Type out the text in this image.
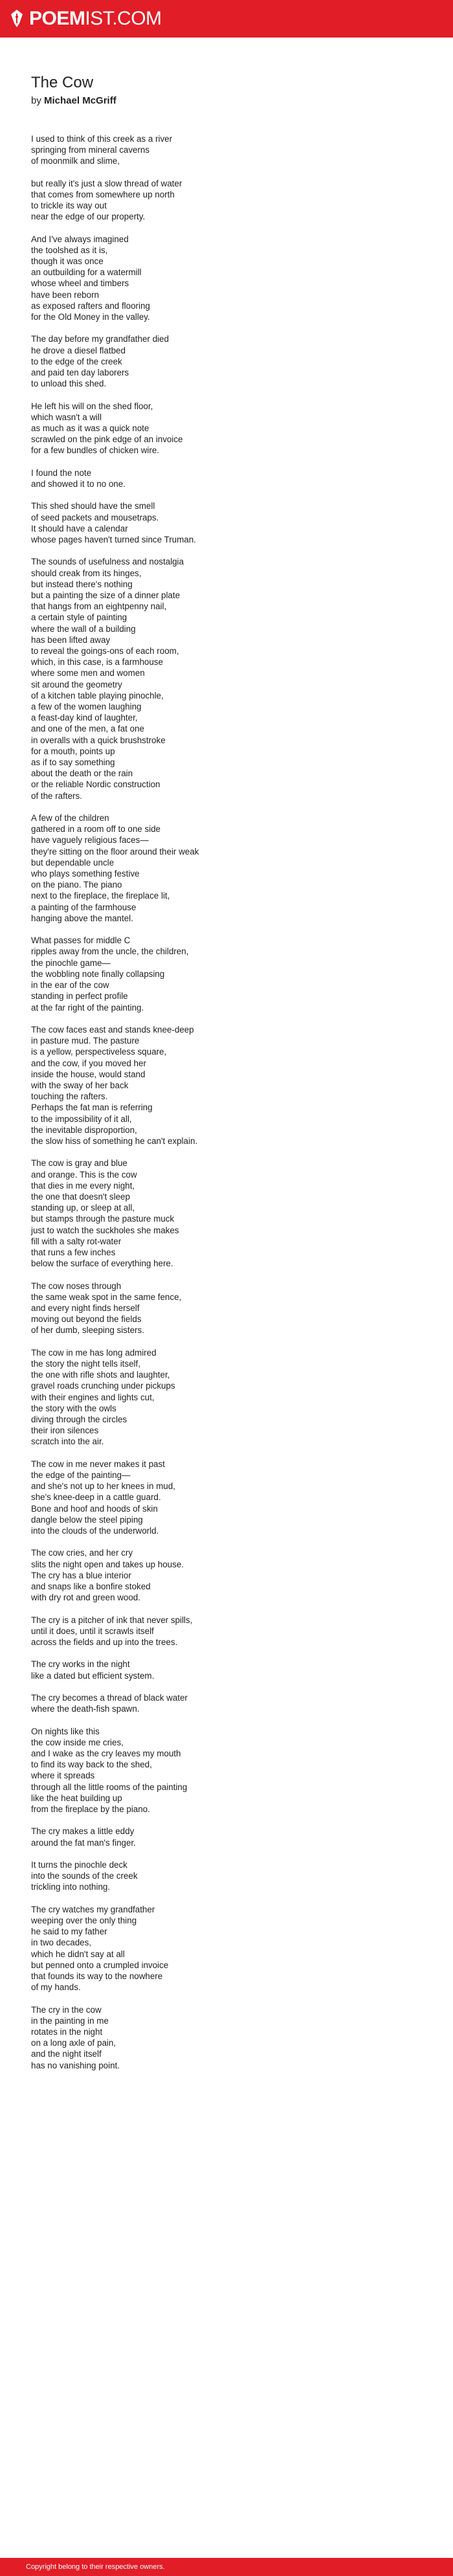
POEMIST.COM
The Cow
by Michael McGriff

I used to think of this creek as a river
springing from mineral caverns
of moonmilk and slime,

but really it's just a slow thread of water
that comes from somewhere up north
to trickle its way out
near the edge of our property.

And I've always imagined
the toolshed as it is,
though it was once
an outbuilding for a watermill
whose wheel and timbers
have been reborn
as exposed rafters and flooring
for the Old Money in the valley.

The day before my grandfather died
he drove a diesel flatbed
to the edge of the creek
and paid ten day laborers
to unload this shed.

He left his will on the shed floor,
which wasn't a will
as much as it was a quick note
scrawled on the pink edge of an invoice
for a few bundles of chicken wire.

I found the note
and showed it to no one.

This shed should have the smell
of seed packets and mousetraps.
It should have a calendar
whose pages haven't turned since Truman.

The sounds of usefulness and nostalgia
should creak from its hinges,
but instead there's nothing
but a painting the size of a dinner plate
that hangs from an eightpenny nail,
a certain style of painting
where the wall of a building
has been lifted away
to reveal the goings-ons of each room,
which, in this case, is a farmhouse
where some men and women
sit around the geometry
of a kitchen table playing pinochle,
a few of the women laughing
a feast-day kind of laughter,
and one of the men, a fat one
in overalls with a quick brushstroke
for a mouth, points up
as if to say something
about the death or the rain
or the reliable Nordic construction
of the rafters.

A few of the children
gathered in a room off to one side
have vaguely religious faces—
they're sitting on the floor around their weak
but dependable uncle
who plays something festive
on the piano. The piano
next to the fireplace, the fireplace lit,
a painting of the farmhouse
hanging above the mantel.

What passes for middle C
ripples away from the uncle, the children,
the pinochle game—
the wobbling note finally collapsing
in the ear of the cow
standing in perfect profile
at the far right of the painting.

The cow faces east and stands knee-deep
in pasture mud. The pasture
is a yellow, perspectiveless square,
and the cow, if you moved her
inside the house, would stand
with the sway of her back
touching the rafters.
Perhaps the fat man is referring
to the impossibility of it all,
the inevitable disproportion,
the slow hiss of something he can't explain.

The cow is gray and blue
and orange. This is the cow
that dies in me every night,
the one that doesn't sleep
standing up, or sleep at all,
but stamps through the pasture muck
just to watch the suckholes she makes
fill with a salty rot-water
that runs a few inches
below the surface of everything here.

The cow noses through
the same weak spot in the same fence,
and every night finds herself
moving out beyond the fields
of her dumb, sleeping sisters.

The cow in me has long admired
the story the night tells itself,
the one with rifle shots and laughter,
gravel roads crunching under pickups
with their engines and lights cut,
the story with the owls
diving through the circles
their iron silences
scratch into the air.

The cow in me never makes it past
the edge of the painting—
and she's not up to her knees in mud,
she's knee-deep in a cattle guard.
Bone and hoof and hoods of skin
dangle below the steel piping
into the clouds of the underworld.

The cow cries, and her cry
slits the night open and takes up house.
The cry has a blue interior
and snaps like a bonfire stoked
with dry rot and green wood.

The cry is a pitcher of ink that never spills,
until it does, until it scrawls itself
across the fields and up into the trees.

The cry works in the night
like a dated but efficient system.

The cry becomes a thread of black water
where the death-fish spawn.

On nights like this
the cow inside me cries,
and I wake as the cry leaves my mouth
to find its way back to the shed,
where it spreads
through all the little rooms of the painting
like the heat building up
from the fireplace by the piano.

The cry makes a little eddy
around the fat man's finger.

It turns the pinochle deck
into the sounds of the creek
trickling into nothing.

The cry watches my grandfather
weeping over the only thing
he said to my father
in two decades,
which he didn't say at all
but penned onto a crumpled invoice
that founds its way to the nowhere
of my hands.

The cry in the cow
in the painting in me
rotates in the night
on a long axle of pain,
and the night itself
has no vanishing point.

Copyright belong to their respective owners.
